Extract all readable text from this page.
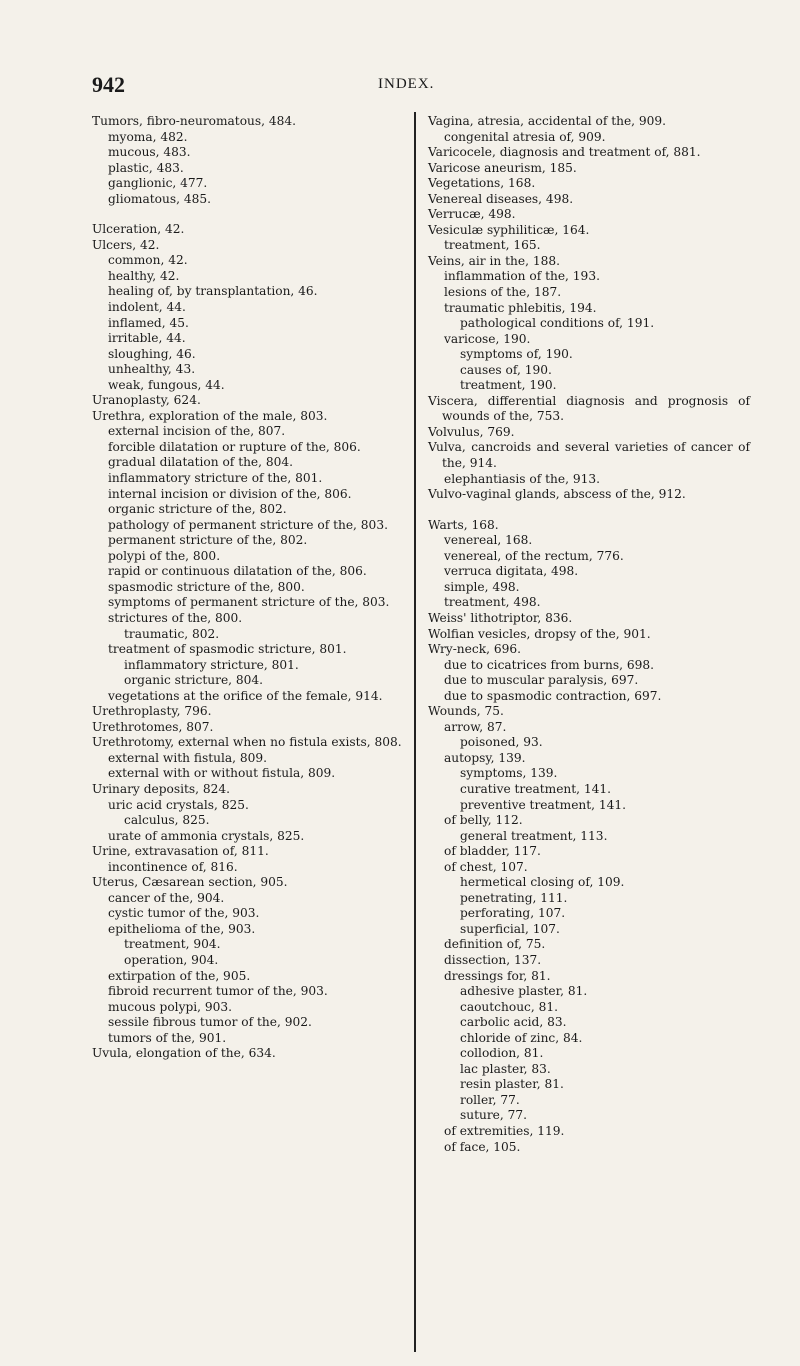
942	INDEX.

Tumors, fibro-neuromatous, 484.

myoma, 482.

mucous, 483.

plastic, 483.

ganglionic, 477.

gliomatous, 485.

Ulceration, 42.

Ulcers, 42.

common, 42.

healthy, 42.

healing of, by transplantation, 46.

indolent, 44.

inflamed, 45.

irritable, 44.

sloughing, 46.

unhealthy, 43.

weak, fungous, 44.

Uranoplasty, 624.

Urethra, exploration of the male, 803.

external incision of the, 807.

forcible dilatation or rupture of the, 806.

gradual dilatation of the, 804.

inflammatory stricture of the, 801.

internal incision or division of the, 806.

organic stricture of the, 802.

pathology of permanent stricture of the, 803.

permanent stricture of the, 802.

polypi of the, 800.

rapid or continuous dilatation of the, 806.

spasmodic stricture of the, 800.

symptoms of permanent stricture of the, 803.

strictures of the, 800.

traumatic, 802.

treatment of spasmodic stricture, 801.

inflammatory stricture, 801.

organic stricture, 804.

vegetations at the orifice of the female, 914.

Urethroplasty, 796.

Urethrotomes, 807.

Urethrotomy, external when no fistula exists, 808.

external with fistula, 809.

external with or without fistula, 809.

Urinary deposits, 824.

uric acid crystals, 825.

calculus, 825.

urate of ammonia crystals, 825.

Urine, extravasation of, 811.

incontinence of, 816.

Uterus, Cæsarean section, 905.

cancer of the, 904.

cystic tumor of the, 903.

epithelioma of the, 903.

treatment, 904.

operation, 904.

extirpation of the, 905.

fibroid recurrent tumor of the, 903.

mucous polypi, 903.

sessile fibrous tumor of the, 902.

tumors of the, 901.

Uvula, elongation of the, 634.

Vagina, atresia, accidental of the, 909.

congenital atresia of, 909.

Varicocele, diagnosis and treatment of, 881.

Varicose aneurism, 185.

Vegetations, 168.

Venereal diseases, 498.

Verrucæ, 498.

Vesiculæ syphiliticæ, 164.

treatment, 165.

Veins, air in the, 188.

inflammation of the, 193.

lesions of the, 187.

traumatic phlebitis, 194.

pathological conditions of, 191.

varicose, 190.

symptoms of, 190.

causes of, 190.

treatment, 190.

Viscera, differential diagnosis and prognosis of wounds of the, 753.

Volvulus, 769.

Vulva, cancroids and several varieties of cancer of the, 914.

elephantiasis of the, 913.

Vulvo-vaginal glands, abscess of the, 912.

Warts, 168.

venereal, 168.

venereal, of the rectum, 776.

verruca digitata, 498.

simple, 498.

treatment, 498.

Weiss' lithotriptor, 836.

Wolfian vesicles, dropsy of the, 901.

Wry-neck, 696.

due to cicatrices from burns, 698.

due to muscular paralysis, 697.

due to spasmodic contraction, 697.

Wounds, 75.

arrow, 87.

poisoned, 93.

autopsy, 139.

symptoms, 139.

curative treatment, 141.

preventive treatment, 141.

of belly, 112.

general treatment, 113.

of bladder, 117.

of chest, 107.

hermetical closing of, 109.

penetrating, 111.

perforating, 107.

superficial, 107.

definition of, 75.

dissection, 137.

dressings for, 81.

adhesive plaster, 81.

caoutchouc, 81.

carbolic acid, 83.

chloride of zinc, 84.

collodion, 81.

lac plaster, 83.

resin plaster, 81.

roller, 77.

suture, 77.

of extremities, 119.

of face, 105.
